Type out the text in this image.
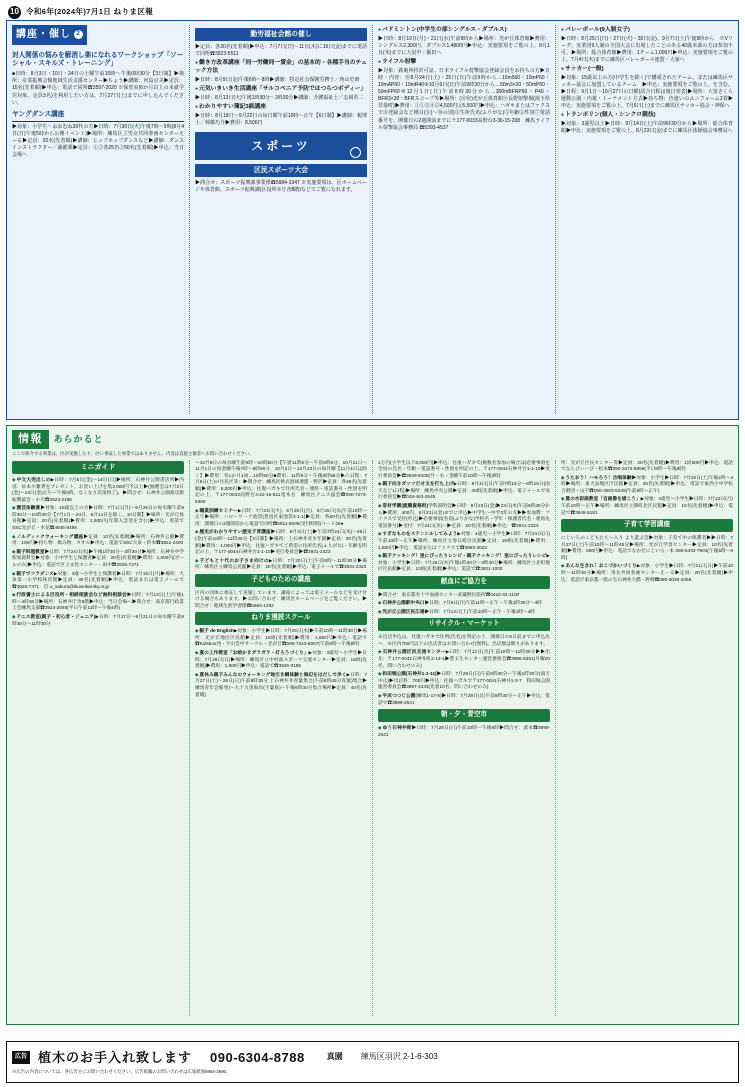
10 令和6年(2024年)7月1日 ねりま区報
講座・催し 2
対人関係の悩みを解消し楽になれるワークショップ「ソーシャル・スキルズ・トレーニング」
■日時：8月3日・10日・24日の土曜午前10時～午後0時30分【3日制】▶場所：産業振興会館地域生活支援センター▶ちょう▶講師：河島京美▶定員：15名(先着順)▶申込：電話で同所☎3557-2020 ※保育室(6か月以上の未就学児対象、定員3名)を利用したい方は、7月27日(土)までに申し込んでください。
ヤングダンス講座
▶対象：小学生～おおむね30代の方▶日時：7月30日(火)午後7時～9時(8月4日(日)午後5時から公開イベント)▶場所：練馬区立男女共同参画センターえーる▶定員：20名(先着順)▶講師：ヒップホップダンスなど▶講師：ダンスインストラクター／湖都栗▶定員：①②各25名②50名(先着順)▶申込：当日会場へ
勤労福祉会館の催し
▶定員：各30名(先着順)▶申込：7月7日(日)～11日(木)に16日(金)までに電話で同所☎3923-5511
● 働き方改革講座「同一労働同一賃金」の基本的・各種手当のチェック方法
▶日時：8月9日(金)午後6時～8時▶講師：特定社会保険労務士／角山史朗
● 元気いきいき生活講座「サルコペニア予防ではつらつボディー」
▶日時：8月13日(火)午後1時30分～3時30分▶講師：介護福祉士／志岡若二
● わかりやすい簿記3級講座
▶日時：8月18日～9月22日の毎日曜午前10時～正午【6日制】▶講師：税理士／邨郷巧介▶費用：8,500円
スポーツ
区民スポーツ大会
▶問合せ：スポーツ振興課事業係☎5984-1947 ※実施要項は、区ホームページや体育館、スポーツ振興課(区役所本庁舎8階)などでご覧になれます。
● バドミントン(中学生の部シングルス・ダブルス)
▶日時：8月19日(月)・21日(水)午前9時から▶場所：光が丘体育館▶費用：シングルス2,300円、ダブルス1,4800円▶申込：実施要項をご覧の上、8月1日(木)までに大泉中・飯田へ
● ライフル射撃
▶対象：鉄砲所持許可証、日本ライフル射撃協会登録会員をお持ちの方▶日時・内容：⑧8月24日(土)・25日(日)午前9時から…10m560・10mP60・10mAP60・10mR40⑨10月6日(日)午前9時30分から…50m3×20・50mP60・50mFP60⑩12月1日(日)午前8時30分から…300mBFRP60・P40・BFR3×20・BFRスコープ等▶場所：(⑧⑩)光が丘体育館⑨長野射撃場(湯玉県非塁町)▶費用：①②③④⑤4,500円⑥5,500円▶申込：ハガキまたはファクスで⑧登録会など種目(⑧)～⑩の別)③生所氏名(ふりがな)⑤年齢⑥性別⑦電話番号を、開催日の2週間前までに〒177-0033高野台3-36-15-208　練馬ライフル射撃協会事務局 ☎5393-4537
● バレーボール(9人制女子)
▶日時：8月25日(日)・27日(火)・30日(金)、9月7日(土)午後9時から　※Vリーグ、実業団9人制の全国大会に出場したことのある40歳未満の方は参加不可。▶場所：総合体育館▶費用：1チーム1,000円▶申込：実施要項をご覧の上、7月4日(木)までに練馬区バレーボール連盟・大嶺へ
● サッカー(一般)
▶対象：15歳以上の方(中学生を除く)で構成されたチーム。または練馬区サッカー協会に加盟しているチーム　▶申込：実施要項をご覧の上、を含む。▶日程：9月1日～10月27日の日曜(試合日程は後日発表)▶場所：大泉さくら運動公園・内葉・トーナメント方式▶持ち物：色違いのユニフォーム2着▶申込：実施要項をご覧の上、7月6日(土)までに練馬区サッカー協会・神保へ
● トランポリン(個人・シンクロ競技)
▶対象：3歳児以上▶日時：9月14日(土)午前9時30分から▶場所：総合体育館▶申込：実施要項をご覧の上、8月23日(金)までに練馬区体操協会事務局へ
情報 あらかると
ここで紹介する事業は、区が実施したり、区に委託した事業ではありません。内容は直接主催者へお問い合わせください。
ミニガイド
◆ 中文大売出しの▶日時：7月5日(金)～14日(日)▶場所：石神井公園書店所▶内容：絵本や雑貨をプレゼント。お買い上げを集3,000円予以上▶(抽選会は7月2日(金)～14日(金)正午～午後6時、なくなり次第終了)。▶問合せ：石神井公園商店街振興協会・小川☎3923-2186
◆ 園芸体験喜▶対象：18歳以上の方▶日時：7月1日(月)～9月25日の毎水曜午前9時30分～10時30分【7月1日～24日、8月14日を除く。10日制】▶場所：光が丘体育館▶定員：20名(先着順)▶費用：1,500円(年間入会金を含む)▶申込：電話でSSC光が丘・木花☎4945-8498
◆ ノルディックウォーキング講座▶定員：10名(先着順)▶場所：石神井公園▶費用：100円▶持ち物：飲み物、タオル▶申込：電話でSSC大泉・鈴本☎3922-2400
◆ 親子料理教室▶日時：7月24日(水)▶午後1時30分～3時30分▶場所：石神井中学校家庭科室▶対象：小中学生と保護者▶定員：20名(先着順)▶費用：1,000円(ボールのみ)▶申込：電話で区立文化センター・田中☎3925-7371
◆ 親子でフラダンス▶対象：3歳～小学生と保護者▶日時：7月15日(月)▶場所：大泉第一小学校体育館▶定員：30名(先着順)▶申込：電話または電子メールで☎3925-7371　◎ o_sakura@ikuseikai-tky.or.jp
◆ 行政書士による区役所・相続相談会など無料相談会▶日時：7月13日(土)午後1時～4時30分▶場所：石神井庁舎5階▶申込：当日会場へ▶問合せ：東京都行政書士会練馬支部☎3924-2093(平日午前11時～午後4時)
◆ テニス教室(親子・初心者・ジュニア)▶日時：7月17日～8月21日の毎水曜午前9時30分～11時30分
～10月9日の毎水曜午前9時～10時50分【午窗11時5分～午前9時5分、10月11日～11月1日の毎金曜午後7時～9時50分、10月2日～12月23日の毎月曜【11月4日は除く】▶費用：各1か月1回…10時50分■費用：11時5分～午後0時55分▶△日程：7月6日(土)の住民区等」▶問合せ：練馬区軟式庭球連盟・野沢▶定員：各45名(先着順)▶費用：6,000円▶申込：往復ハガキで住所氏名・連絡・電話番号・性別を明記の上、〒177-0033高野台4-22-15-511電木方　練馬区テニス協会☎090-7273-5365
◆ 職業訓練セミナー▶日時：7月23日(火)、8月26日(月)、9月25日(水)午前10時～正午▶場所：ハローワーク池袋(豊島区東池袋3-1-1)▶定員：各50名(先着順)▶費用：開催日の2週間前から電話で同所☎5911-8609(受付時間)コード45●
◆ 歴史がわかりやすい歴史子育講座▶日時：8月3日(土)▶午前7時24日(水)～26日(金)午前10時～11時30分【3日制】▶場所：上石神井青少年館▶定員：30名(先着順)▶費用：1,000円▶申込：往復ハガキでご希望の住所氏名(ふりがな)・年齢を明記の上、〒177-0044石神井台1-1-10▶実行委員会▶☎3931-2323
◆ 子どもと十代のお子さま向けの▶日時：7月20日(土)午前9時～11時30分▶場所：練馬区立練馬公民館▶定員：20名(先着順)▶申込：電子メールで☎3931-2323
子どものための講座
区内の団体に委託して実施しています。講座によっては電子メールなどを受け付ける場合もあります。▶お問い合わせ：練馬区ホームページをご覧ください。▶問合せ：地域生涯学習係☎5984-1292
ねりま漫読スクール
◆ 親子 de English▶対象：小学生▶日時：7月25日(木)▶午前10時～11時30分▶場所：光が丘地区区民館▶定員：15組(先着順)▶費用：1,650円▶申込：電話で☎Kidsbox西・宇山会中サークル・光が丘☎090-7243-6067(午前9時～午後8時)
◆ 夏の工作教室「お絵かきガラガラ・灯ろうづくり」▶対象：3歳児～小学生▶日時：7月28日(日)▶場所：練馬区立中村南スポーツ交流センター▶定員：15組(先着順)▶費用：1,500円▶申込：電話で☎3926-0185
◆ 夏休み親子みんなのウォーキング地引き網体験と海辺をはだしで歩く▶日時：7月27日(土)～28日(日)午前8時30分 上石神井井青葉集合(午前8時45分青葉)集合▶練馬青年会館発)～九十九里海岸(千葉県)～午後6時30分集合場所▶定員：40名(先着順)
1万円(小学生以下8,000円)▶申込：往復ハガキで(複数名参加の場合は)必要事項を全員の氏名・年齢・電話番号・性別を明記の上、〒177-0044石神井台1-1-10▶実行委員会▶☎3929-8100(月・水・金曜午前10時～午後3時)
◆ 親子向きガッツだせ文を打ち上げ▶日時：8月3日(日)午前7時15分～8時15分(雨天など1日程)▶場所：練馬中央公園▶定員：30組(先着順)▶申込：電子メールで実行委員会▶☎048-463-2645
◆ 窓材学園(就職資格料)学科説明会▶日時：8月23日(金)▶23日(木)午前9時30分から▶費用：400円、8月23日(金)までに申込▶中学生～中学3年の方▶▶参加費：ファクスで受付(申込)▶必要事項(名前(ふりがな)学校名・学年・保護者氏名・連絡先電話番号)▶受付：7月24日(水)～▶定員：20名(先着順)▶申込：☎3931-2323
◆ すぎなものをステンシルしてみよう▶対象：4歳児～小学生▶日時：7月21日(日)午前10時～正午▶場所：練馬区立春日町区民館▶定員：15組(先着順)▶費用：1,500円▶申込：電話またはファクスで☎3993-2022
◆ 親子クッキング！里にぴったりレシピ・親子クッキング！里にぴったりレシピ▶対象：小学生▶日時：7月25日(木)午後1時30分～3時30分▶場所：練馬区立北町地区区民館▶定員：10組(先着順)▶申込：電話で☎3931-1000
献血にご協力を
▶問合せ：東京都赤十字血液センター武蔵野出張所☎0422-32-1100
◆ 石神井公園駅中央口▶日時：7月8日(月)午前11時～正午・午後1時30分～4時
◆ 光が丘公園区民広場▶日時：7月13日(土)午前10時～正午・午後1時～4時
リサイクル・マーケット
※出店申込は、往復ハガキで住所(氏名)を明記の上、開催日の5日前までに申込先へ　※区内700円以下の出店者はお問い合わせ(無料)。出店数は限りがあります。
◆ 石神井公園区民交流センター▶日時：7月12日(火)午前10時～11時30分▶▶出先：〒177-0041石神井町2-14-1▶豊玉生センター運営連絡会☎3996-6351(月曜20名、問い合わせのみ)
◆ 和田堀公園(石神井1-1-11)▶日時：7月28日(日)午前9時30分～午後1時30分(雨天中止)▶出店料：700円▶申込：往復ハガキで〒177-0041石神井1-3-7　和田堀公園運営委員会☎3997-4333(先着10名、問い合わせのみ)
◆ 平成つつじ公園(練馬1-17-6)▶日時：7月28日(日)午前9時30分～正午▶申込：電話で☎3999-2641
朝・夕・青空市
◆ ゆう石神井街▶日時：7月28日(日)午前10時～午後5時▶問合せ：武本☎3999-2641
所：光が丘区民センター等▶定員：20名(先着順)▶費用：1回500円▶申込：電話でなんびぃーび・松本☎090-3472-8858(平日9時～午後8時)
◆ うたおう！ハモろう！合唱体験▶対象：小学生▶日時：7月20日(土)午後2時～4時▶場所：東大泉地区区民館▶定員：40名(先着順)▶申込：電話で東西小中学校合唱団・山下☎090-4003-5349(午前9時～正午)
◆ 夏の水彩画教室「自画像を描こう」▶対象：3歳児～小学生▶日時：7月22日(月)午前10時～正午▶場所：練馬区立関町北区民館▶定員：10名(先着順)▶申込：電話で☎3948-9181
子育て学習講座
にじいろのこどもたち～入り より遊ぶ会▶対象：子育て中の保護者▶▶日時：7月27日(土)午前10時～11時45分▶場所：光が丘学習センター▶定員：10名(先着順)▶費用：500円▶申込：電話でなかだにじいろ・本 080-5433-7903(午後5時～9時)
◆ あんな生きれ！おこづかいづくり▶対象：小学生▶日時：7月21日(日)▶午前10時～11時30分▶場所：男女共同参画センターえーる▶定員：20名(先着順)▶申込：電話で東京都一般の生石神井大橋・野崎☎080-5030-4458
広告 植木のお手入れ致します 090-6304-8788	真園 練馬区羽沢 2-1-6-303
※広告の内容については、各広告主にお問い合わせください。広告掲載のお問い合わせは広報紙係5984-2690。
